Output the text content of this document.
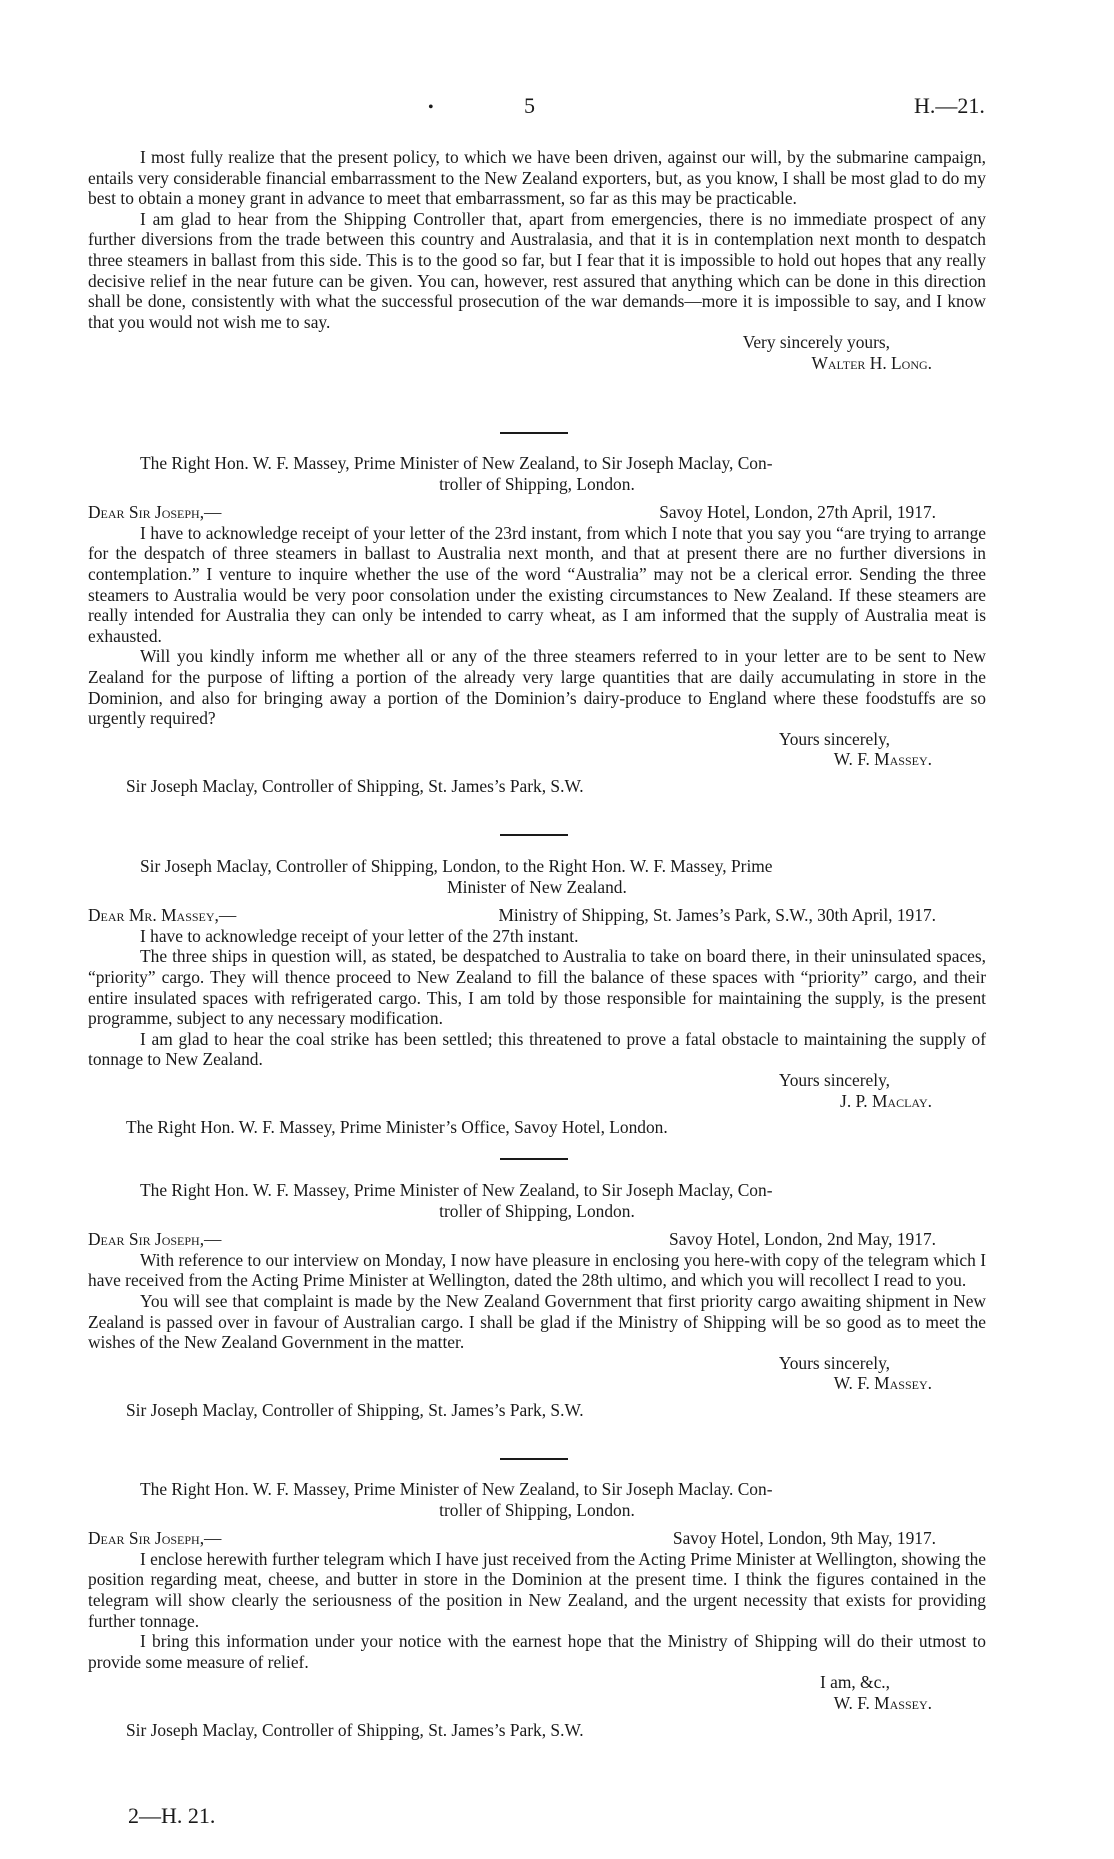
•	5	H.—21.

I most fully realize that the present policy, to which we have been driven, against our will, by the submarine campaign, entails very considerable financial embarrassment to the New Zealand exporters, but, as you know, I shall be most glad to do my best to obtain a money grant in advance to meet that embarrassment, so far as this may be practicable.

I am glad to hear from the Shipping Controller that, apart from emergencies, there is no immediate prospect of any further diversions from the trade between this country and Australasia, and that it is in contemplation next month to despatch three steamers in ballast from this side. This is to the good so far, but I fear that it is impossible to hold out hopes that any really decisive relief in the near future can be given. You can, however, rest assured that anything which can be done in this direction shall be done, consistently with what the successful prosecution of the war demands—more it is impossible to say, and I know that you would not wish me to say.

Very sincerely yours,
Walter H. Long.
The Right Hon. W. F. Massey, Prime Minister of New Zealand, to Sir Joseph Maclay, Con-
troller of Shipping, London.
Dear Sir Joseph,—	Savoy Hotel, London, 27th April, 1917.

I have to acknowledge receipt of your letter of the 23rd instant, from which I note that you say you “are trying to arrange for the despatch of three steamers in ballast to Australia next month, and that at present there are no further diversions in contemplation.” I venture to inquire whether the use of the word “Australia” may not be a clerical error. Sending the three steamers to Australia would be very poor consolation under the existing circumstances to New Zealand. If these steamers are really intended for Australia they can only be intended to carry wheat, as I am informed that the supply of Australia meat is exhausted.

Will you kindly inform me whether all or any of the three steamers referred to in your letter are to be sent to New Zealand for the purpose of lifting a portion of the already very large quantities that are daily accumulating in store in the Dominion, and also for bringing away a portion of the Dominion’s dairy-produce to England where these foodstuffs are so urgently required?

Yours sincerely,
W. F. Massey.
Sir Joseph Maclay, Controller of Shipping, St. James’s Park, S.W.
Sir Joseph Maclay, Controller of Shipping, London, to the Right Hon. W. F. Massey, Prime
Minister of New Zealand.
Dear Mr. Massey,—	Ministry of Shipping, St. James’s Park, S.W., 30th April, 1917.

I have to acknowledge receipt of your letter of the 27th instant.

The three ships in question will, as stated, be despatched to Australia to take on board there, in their uninsulated spaces, “priority” cargo. They will thence proceed to New Zealand to fill the balance of these spaces with “priority” cargo, and their entire insulated spaces with refrigerated cargo. This, I am told by those responsible for maintaining the supply, is the present programme, subject to any necessary modification.

I am glad to hear the coal strike has been settled; this threatened to prove a fatal obstacle to maintaining the supply of tonnage to New Zealand.

Yours sincerely,
J. P. Maclay.
The Right Hon. W. F. Massey, Prime Minister’s Office, Savoy Hotel, London.
The Right Hon. W. F. Massey, Prime Minister of New Zealand, to Sir Joseph Maclay, Con-
troller of Shipping, London.
Dear Sir Joseph,—	Savoy Hotel, London, 2nd May, 1917.

With reference to our interview on Monday, I now have pleasure in enclosing you here-with copy of the telegram which I have received from the Acting Prime Minister at Wellington, dated the 28th ultimo, and which you will recollect I read to you.

You will see that complaint is made by the New Zealand Government that first priority cargo awaiting shipment in New Zealand is passed over in favour of Australian cargo. I shall be glad if the Ministry of Shipping will be so good as to meet the wishes of the New Zealand Government in the matter.

Yours sincerely,
W. F. Massey.
Sir Joseph Maclay, Controller of Shipping, St. James’s Park, S.W.
The Right Hon. W. F. Massey, Prime Minister of New Zealand, to Sir Joseph Maclay. Con-
troller of Shipping, London.
Dear Sir Joseph,—	Savoy Hotel, London, 9th May, 1917.

I enclose herewith further telegram which I have just received from the Acting Prime Minister at Wellington, showing the position regarding meat, cheese, and butter in store in the Dominion at the present time. I think the figures contained in the telegram will show clearly the seriousness of the position in New Zealand, and the urgent necessity that exists for providing further tonnage.

I bring this information under your notice with the earnest hope that the Ministry of Shipping will do their utmost to provide some measure of relief.

I am, &c.,
W. F. Massey.
Sir Joseph Maclay, Controller of Shipping, St. James’s Park, S.W.
2—H. 21.
